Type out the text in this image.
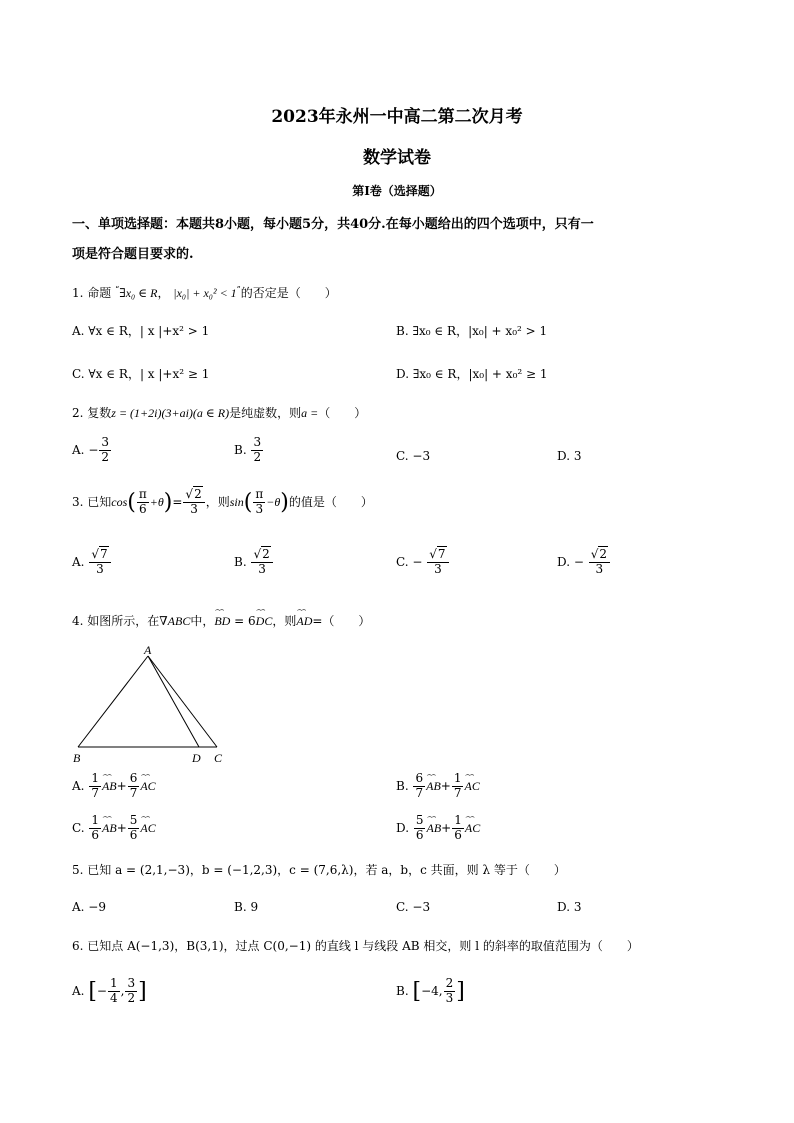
2023年永州一中高二第二次月考
数学试卷
第Ⅰ卷（选择题）
一、单项选择题：本题共8小题，每小题5分，共40分.在每小题给出的四个选项中，只有一
项是符合题目要求的.
1. 命题 “∃x₀ ∈ R， |x₀| + x₀² < 1”的否定是（　　）
A. ∀x ∈ R，| x |+x² > 1	B. ∃x₀ ∈ R，|x₀| + x₀² > 1
C. ∀x ∈ R，| x |+x² ≥ 1	D. ∃x₀ ∈ R，|x₀| + x₀² ≥ 1
2. 复数z = (1+2i)(3+ai)(a ∈ R)是纯虚数，则a =（　　）
A. − $\frac{3}{2}$	B. $\frac{3}{2}$	C. −3	D. 3
3. 已知$\cos( \frac{\pi}{6} +\theta)= \frac{√2}{3}$ ，则$\sin( \frac{\pi}{3} -\theta)$的值是（　　）
A. $\frac{√7}{3}$	B. $\frac{√2}{3}$	C. − $\frac{√7}{3}$	D. − $\frac{√2}{3}$
4. 如图所示，在∇ABC中，⌢⌢ BD = 6⌢⌢ DC，则⌢⌢ AD=（　　）
A
B	D C
A. $\frac{1}{7}$ ⌢⌢ $AB+ \frac{6}{7}$ ⌢⌢ AC	B. $\frac{6}{7}$ ⌢⌢ $AB+ \frac{1}{7}$ ⌢⌢ AC
C. $\frac{1}{6}$ ⌢⌢ $AB+ \frac{5}{6}$ ⌢⌢ AC	D. $\frac{5}{6}$ ⌢⌢ $AB+ \frac{1}{6}$ ⌢⌢ AC
5. 已知 a = (2,1,−3)，b = (−1,2,3)，c = (7,6,λ)，若 a，b，c 共面，则 λ 等于（　　）
A. −9	B. 9	C. −3	D. 3
6. 已知点 A(−1,3)，B(3,1)，过点 C(0,−1) 的直线 l 与线段 AB 相交，则 l 的斜率的取值范围为（　　）
A. [− $\frac{1}{4}$ , $\frac{3}{2}$ ]	B. [−4, $\frac{2}{3}$ ]
